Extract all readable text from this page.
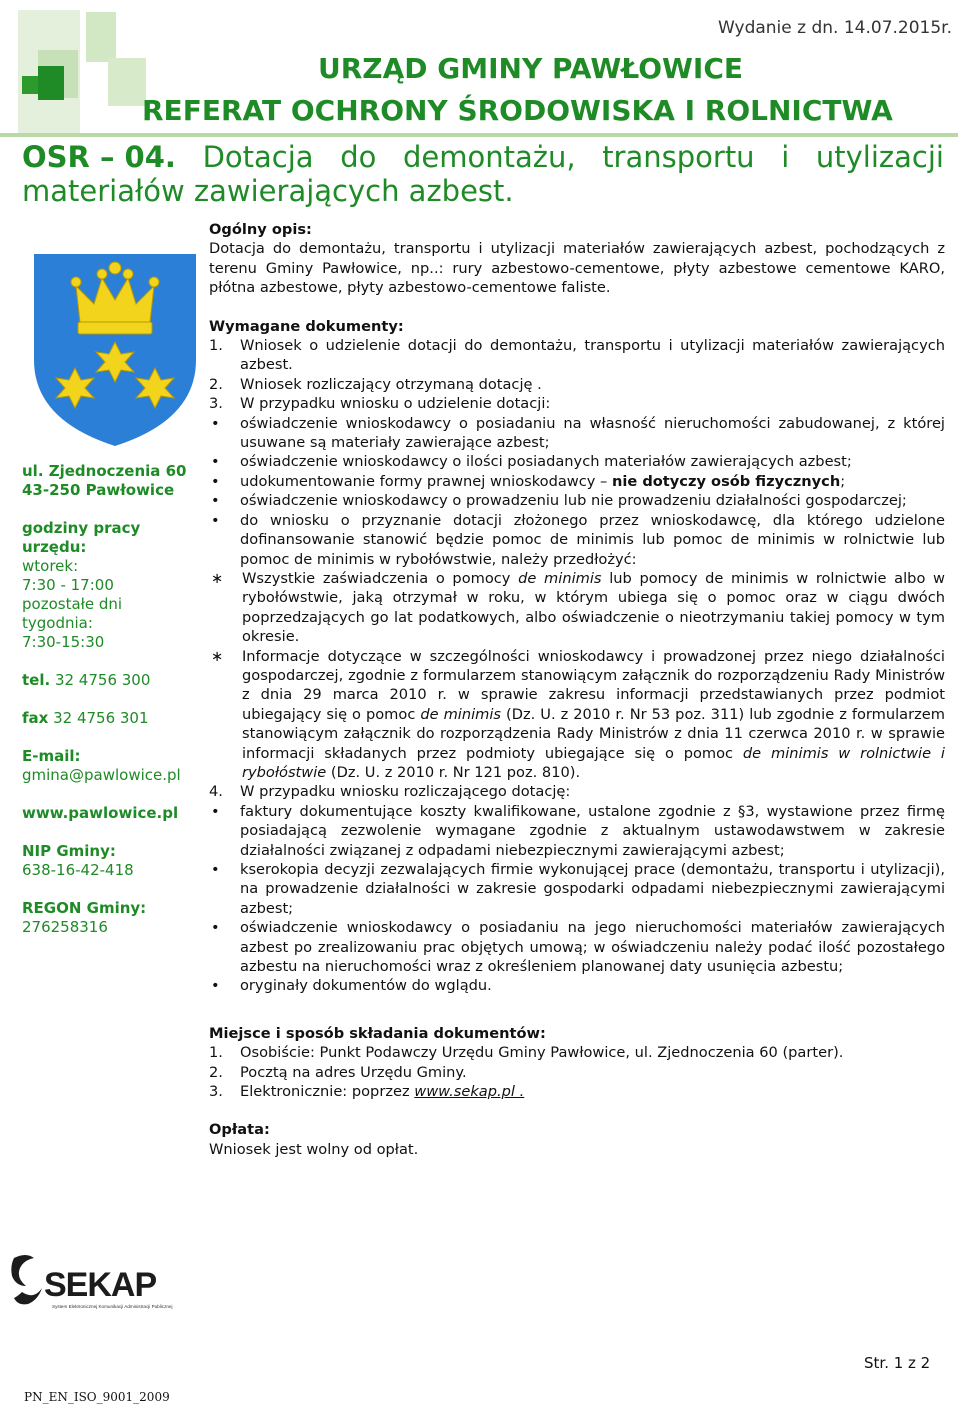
Wydanie z dn. 14.07.2015r.
URZĄD GMINY PAWŁOWICE
REFERAT OCHRONY ŚRODOWISKA I ROLNICTWA
OSR – 04. Dotacja do demontażu, transportu i utylizacji
materiałów zawierających azbest.
ul. Zjednoczenia 60
43-250 Pawłowice
godziny pracy
urzędu:
wtorek:
7:30 - 17:00
pozostałe dni
tygodnia:
7:30-15:30
tel. 32 4756 300
fax 32 4756 301
E-mail:
gmina@pawlowice.pl
www.pawlowice.pl
NIP Gminy:
638-16-42-418
REGON Gminy:
276258316
Ogólny opis:
Dotacja do demontażu, transportu i utylizacji materiałów zawierających azbest, pochodzących z terenu Gminy Pawłowice, np..: rury azbestowo-cementowe, płyty azbestowe cementowe KARO, płótna azbestowe, płyty azbestowo-cementowe faliste.
Wymagane dokumenty:
1.	Wniosek o udzielenie dotacji do demontażu, transportu i utylizacji materiałów zawierających azbest.
2.	Wniosek rozliczający otrzymaną dotację .
3.	W przypadku wniosku o udzielenie dotacji:
•
oświadczenie wnioskodawcy o posiadaniu na własność nieruchomości zabudowanej, z której usuwane są materiały zawierające azbest;
•
oświadczenie wnioskodawcy o ilości posiadanych materiałów zawierających azbest;
•
udokumentowanie formy prawnej wnioskodawcy – nie dotyczy osób fizycznych;
•
oświadczenie wnioskodawcy o prowadzeniu lub nie prowadzeniu działalności gospodarczej;
•
do wniosku o przyznanie dotacji złożonego przez wnioskodawcę, dla którego udzielone dofinansowanie stanowić będzie pomoc de minimis lub pomoc de minimis w rolnictwie lub pomoc de minimis w rybołówstwie, należy przedłożyć:
∗	Wszystkie zaświadczenia o pomocy de minimis lub pomocy de minimis w rolnictwie albo w rybołówstwie, jaką otrzymał w roku, w którym ubiega się o pomoc oraz w ciągu dwóch poprzedzających go lat podatkowych, albo oświadczenie o nieotrzymaniu takiej pomocy w tym okresie.
∗	Informacje dotyczące w szczególności wnioskodawcy i prowadzonej przez niego działalności gospodarczej, zgodnie z formularzem stanowiącym załącznik do rozporządzeniu Rady Ministrów z dnia 29 marca 2010 r. w sprawie zakresu informacji przedstawianych przez podmiot ubiegający się o pomoc de minimis (Dz. U. z 2010 r. Nr 53 poz. 311) lub zgodnie z formularzem stanowiącym załącznik do rozporządzenia Rady Ministrów z dnia 11 czerwca 2010 r. w sprawie informacji składanych przez podmioty ubiegające się o pomoc de minimis w rolnictwie i rybołóstwie (Dz. U. z 2010 r. Nr 121 poz. 810).
4.	W przypadku wniosku rozliczającego dotację:
•
faktury dokumentujące koszty kwalifikowane, ustalone zgodnie z §3, wystawione przez firmę posiadającą zezwolenie wymagane zgodnie z aktualnym ustawodawstwem w zakresie działalności związanej z odpadami niebezpiecznymi zawierającymi azbest;
•
kserokopia decyzji zezwalających firmie wykonującej prace (demontażu, transportu i utylizacji), na prowadzenie działalności w zakresie gospodarki odpadami niebezpiecznymi zawierającymi azbest;
•
oświadczenie wnioskodawcy o posiadaniu na jego nieruchomości materiałów zawierających azbest po zrealizowaniu prac objętych umową; w oświadczeniu należy podać ilość pozostałego azbestu na nieruchomości wraz z określeniem planowanej daty usunięcia azbestu;
•
oryginały dokumentów do wglądu.
Miejsce i sposób składania dokumentów:
1.	Osobiście: Punkt Podawczy Urzędu Gminy Pawłowice, ul. Zjednoczenia 60 (parter).
2.	Pocztą na adres Urzędu Gminy.
3.	Elektronicznie: poprzez www.sekap.pl .
Opłata:
Wniosek jest wolny od opłat.
SEKAP
System Elektronicznej Komunikacji Administracji Publicznej
Str. 1 z 2
PN_EN_ISO_9001_2009
